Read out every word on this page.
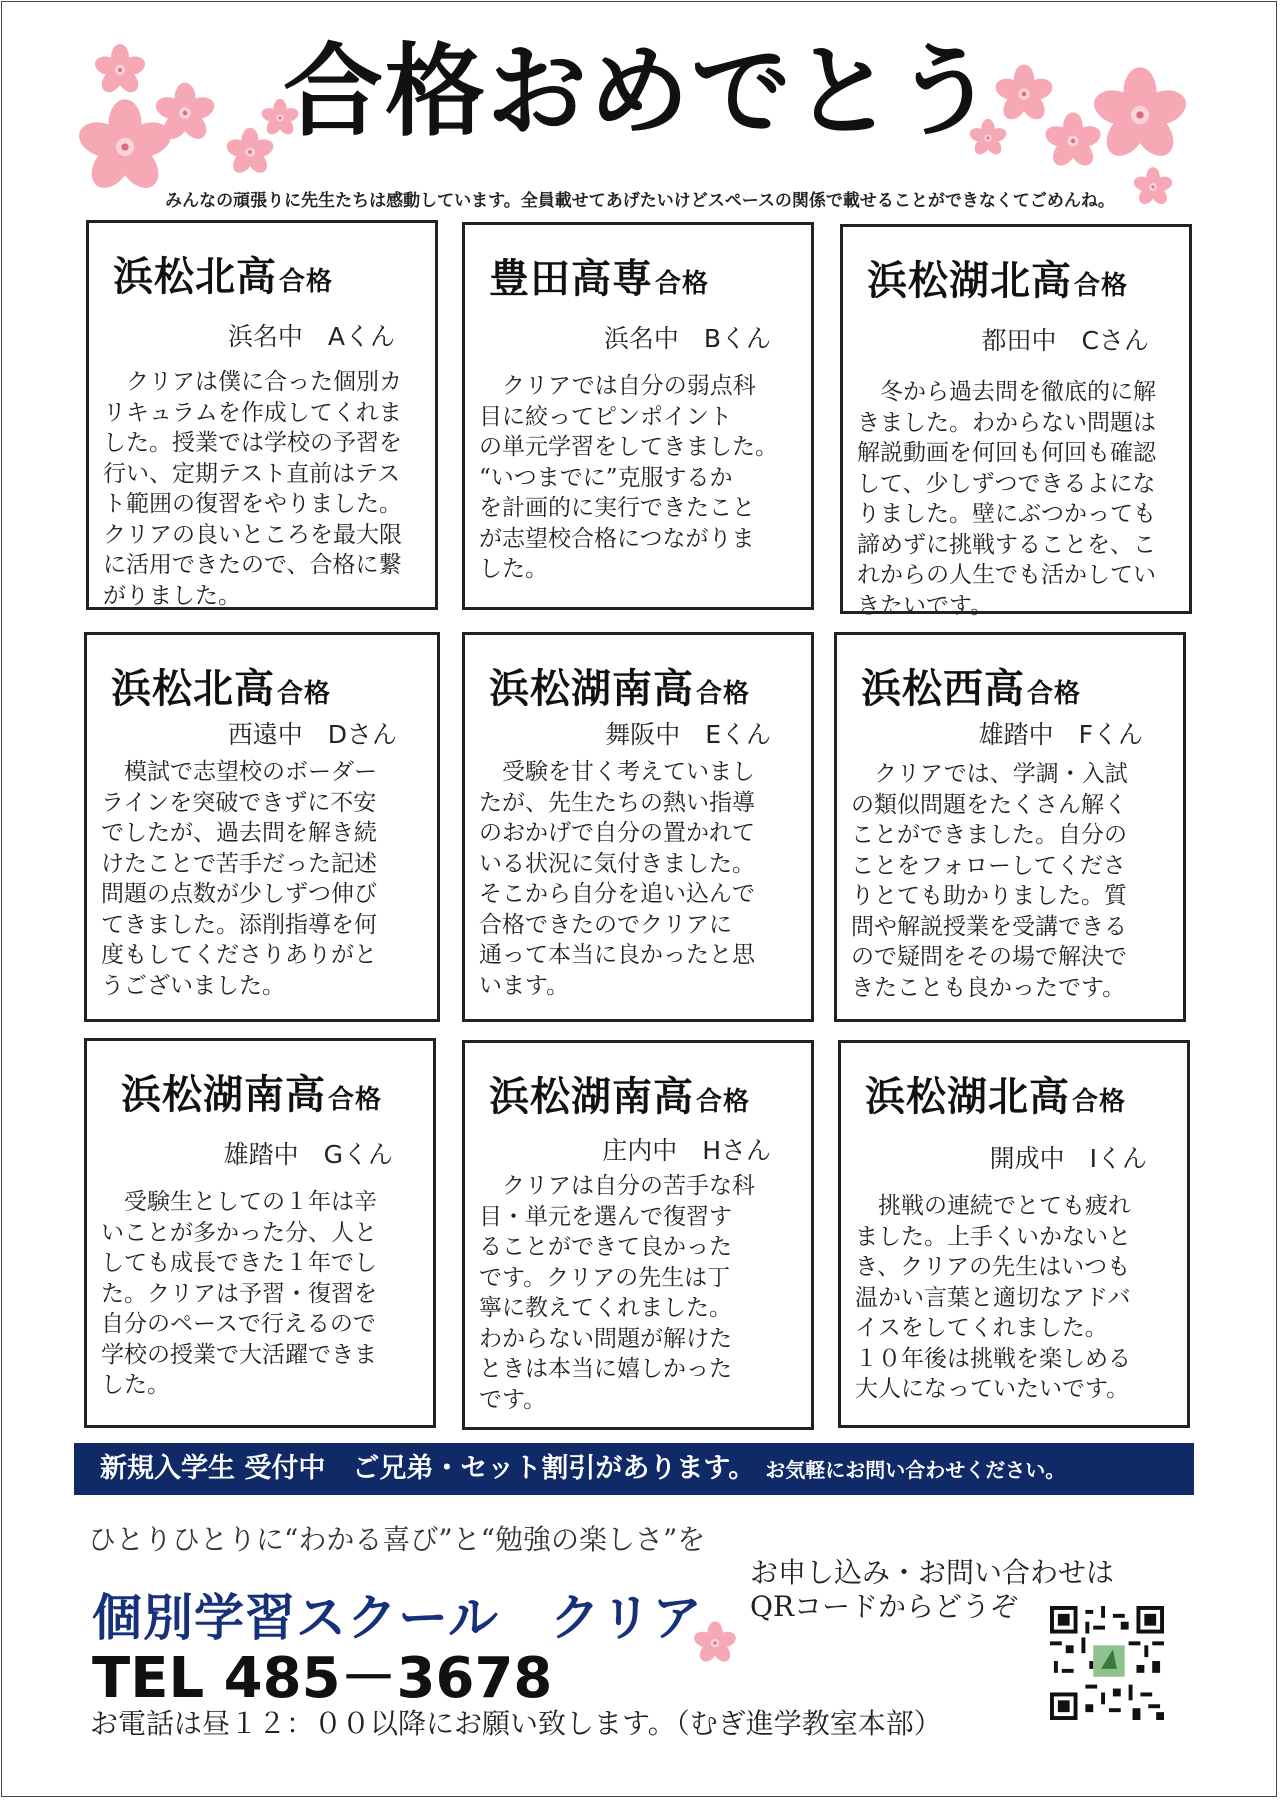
合格おめでとう
みんなの頑張りに先生たちは感動しています。全員載せてあげたいけどスペースの関係で載せることができなくてごめんね。
浜松北高合格
浜名中　Aくん
　クリアは僕に合った個別カ
リキュラムを作成してくれま
した。授業では学校の予習を
行い、定期テスト直前はテス
ト範囲の復習をやりました。
クリアの良いところを最大限
に活用できたので、合格に繋
がりました。
豊田高専合格
浜名中　Bくん
　クリアでは自分の弱点科
目に絞ってピンポイント
の単元学習をしてきました。
“いつまでに”克服するか
を計画的に実行できたこと
が志望校合格につながりま
した。
浜松湖北高合格
都田中　Cさん
　冬から過去問を徹底的に解
きました。わからない問題は
解説動画を何回も何回も確認
して、少しずつできるよにな
りました。壁にぶつかっても
諦めずに挑戦することを、こ
れからの人生でも活かしてい
きたいです。
浜松北高合格
西遠中　Dさん
　模試で志望校のボーダー
ラインを突破できずに不安
でしたが、過去問を解き続
けたことで苦手だった記述
問題の点数が少しずつ伸び
てきました。添削指導を何
度もしてくださりありがと
うございました。
浜松湖南高合格
舞阪中　Eくん
　受験を甘く考えていまし
たが、先生たちの熱い指導
のおかげで自分の置かれて
いる状況に気付きました。
そこから自分を追い込んで
合格できたのでクリアに
通って本当に良かったと思
います。
浜松西高合格
雄踏中　Fくん
　クリアでは、学調・入試
の類似問題をたくさん解く
ことができました。自分の
ことをフォローしてくださ
りとても助かりました。質
問や解説授業を受講できる
ので疑問をその場で解決で
きたことも良かったです。
浜松湖南高合格
雄踏中　Gくん
　受験生としての１年は辛
いことが多かった分、人と
しても成長できた１年でし
た。クリアは予習・復習を
自分のペースで行えるので
学校の授業で大活躍できま
した。
浜松湖南高合格
庄内中　Hさん
　クリアは自分の苦手な科
目・単元を選んで復習す
ることができて良かった
です。クリアの先生は丁
寧に教えてくれました。
わからない問題が解けた
ときは本当に嬉しかった
です。
浜松湖北高合格
開成中　Iくん
　挑戦の連続でとても疲れ
ました。上手くいかないと
き、クリアの先生はいつも
温かい言葉と適切なアドバ
イスをしてくれました。
１０年後は挑戦を楽しめる
大人になっていたいです。
新規入学生 受付中　ご兄弟・セット割引があります。 お気軽にお問い合わせください。
ひとりひとりに“わかる喜び”と“勉強の楽しさ”を
個別学習スクール　クリア
TEL 485－3678
お電話は昼１２：００以降にお願い致します。（むぎ進学教室本部）
お申し込み・お問い合わせは
QRコードからどうぞ
